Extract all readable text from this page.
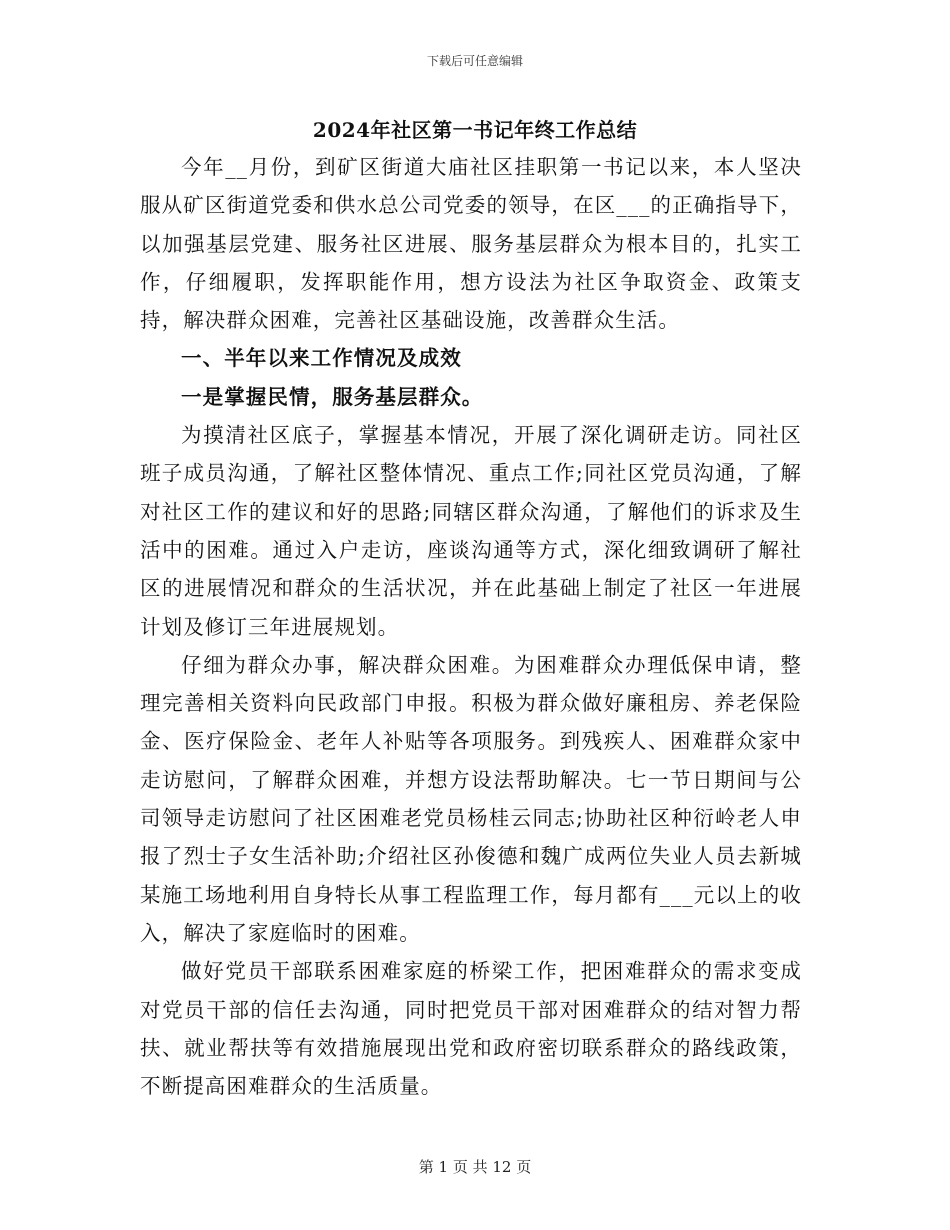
下载后可任意编辑
2024年社区第一书记年终工作总结

今年__月份，到矿区街道大庙社区挂职第一书记以来，本人坚决服从矿区街道党委和供水总公司党委的领导，在区___的正确指导下，以加强基层党建、服务社区进展、服务基层群众为根本目的，扎实工作，仔细履职，发挥职能作用，想方设法为社区争取资金、政策支持，解决群众困难，完善社区基础设施，改善群众生活。

一、半年以来工作情况及成效

一是掌握民情，服务基层群众。

为摸清社区底子，掌握基本情况，开展了深化调研走访。同社区班子成员沟通，了解社区整体情况、重点工作;同社区党员沟通，了解对社区工作的建议和好的思路;同辖区群众沟通，了解他们的诉求及生活中的困难。通过入户走访，座谈沟通等方式，深化细致调研了解社区的进展情况和群众的生活状况，并在此基础上制定了社区一年进展计划及修订三年进展规划。

仔细为群众办事，解决群众困难。为困难群众办理低保申请，整理完善相关资料向民政部门申报。积极为群众做好廉租房、养老保险金、医疗保险金、老年人补贴等各项服务。到残疾人、困难群众家中走访慰问，了解群众困难，并想方设法帮助解决。七一节日期间与公司领导走访慰问了社区困难老党员杨桂云同志;协助社区种衍岭老人申报了烈士子女生活补助;介绍社区孙俊德和魏广成两位失业人员去新城某施工场地利用自身特长从事工程监理工作，每月都有___元以上的收入，解决了家庭临时的困难。

做好党员干部联系困难家庭的桥梁工作，把困难群众的需求变成对党员干部的信任去沟通，同时把党员干部对困难群众的结对智力帮扶、就业帮扶等有效措施展现出党和政府密切联系群众的路线政策，不断提高困难群众的生活质量。

第 1 页 共 12 页
